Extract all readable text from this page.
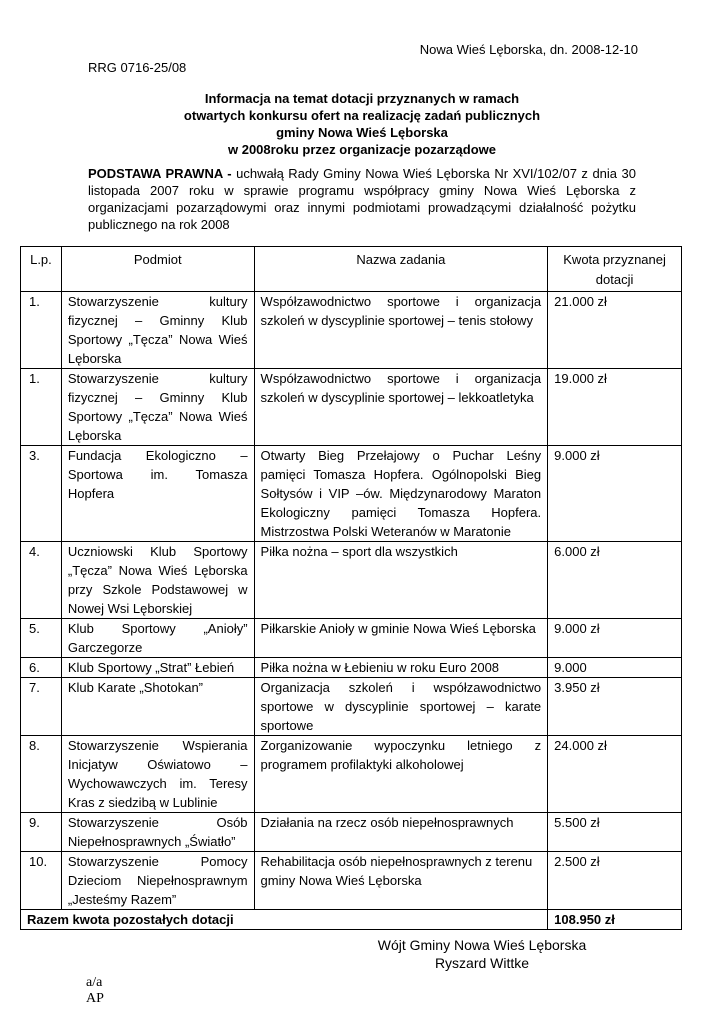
Nowa Wieś Lęborska, dn. 2008-12-10
RRG 0716-25/08
Informacja na temat dotacji przyznanych w ramach
otwartych konkursu ofert na realizację zadań publicznych
gminy Nowa Wieś Lęborska
w 2008roku przez organizacje pozarządowe
PODSTAWA PRAWNA - uchwałą Rady Gminy Nowa Wieś Lęborska Nr XVI/102/07 z dnia 30 listopada 2007 roku w sprawie programu współpracy gminy Nowa Wieś Lęborska z organizacjami pozarządowymi oraz innymi podmiotami prowadzącymi działalność pożytku publicznego na rok 2008
L.p.	Podmiot	Nazwa zadania	Kwota przyznanej dotacji
1.	Stowarzyszenie kultury fizycznej – Gminny Klub Sportowy „Tęcza” Nowa Wieś Lęborska	Współzawodnictwo sportowe i organizacja szkoleń w dyscyplinie sportowej – tenis stołowy	21.000 zł
1.	Stowarzyszenie kultury fizycznej – Gminny Klub Sportowy „Tęcza” Nowa Wieś Lęborska	Współzawodnictwo sportowe i organizacja szkoleń w dyscyplinie sportowej – lekkoatletyka	19.000 zł
3.	Fundacja Ekologiczno – Sportowa im. Tomasza Hopfera	Otwarty Bieg Przełajowy o Puchar Leśny pamięci Tomasza Hopfera. Ogólnopolski Bieg Sołtysów i VIP –ów. Międzynarodowy Maraton Ekologiczny pamięci Tomasza Hopfera. Mistrzostwa Polski Weteranów w Maratonie	9.000 zł
4.	Uczniowski Klub Sportowy „Tęcza” Nowa Wieś Lęborska przy Szkole Podstawowej w Nowej Wsi Lęborskiej	Piłka nożna – sport dla wszystkich	6.000 zł
5.	Klub Sportowy „Anioły” Garczegorze	Piłkarskie Anioły w gminie Nowa Wieś Lęborska	9.000 zł
6.	Klub Sportowy „Strat” Łebień	Piłka nożna w Łebieniu w roku Euro 2008	9.000
7.	Klub Karate „Shotokan”	Organizacja szkoleń i współzawodnictwo sportowe w dyscyplinie sportowej – karate sportowe	3.950 zł
8.	Stowarzyszenie Wspierania Inicjatyw Oświatowo – Wychowawczych im. Teresy Kras z siedzibą w Lublinie	Zorganizowanie wypoczynku letniego z programem profilaktyki alkoholowej	24.000 zł
9.	Stowarzyszenie Osób Niepełnosprawnych „Światło”	Działania na rzecz osób niepełnosprawnych	5.500 zł
10.	Stowarzyszenie Pomocy Dzieciom Niepełnosprawnym „Jesteśmy Razem”	Rehabilitacja osób niepełnosprawnych z terenu gminy Nowa Wieś Lęborska	2.500 zł
Razem kwota pozostałych dotacji			108.950 zł
Wójt Gminy Nowa Wieś Lęborska
Ryszard Wittke
a/a
AP
